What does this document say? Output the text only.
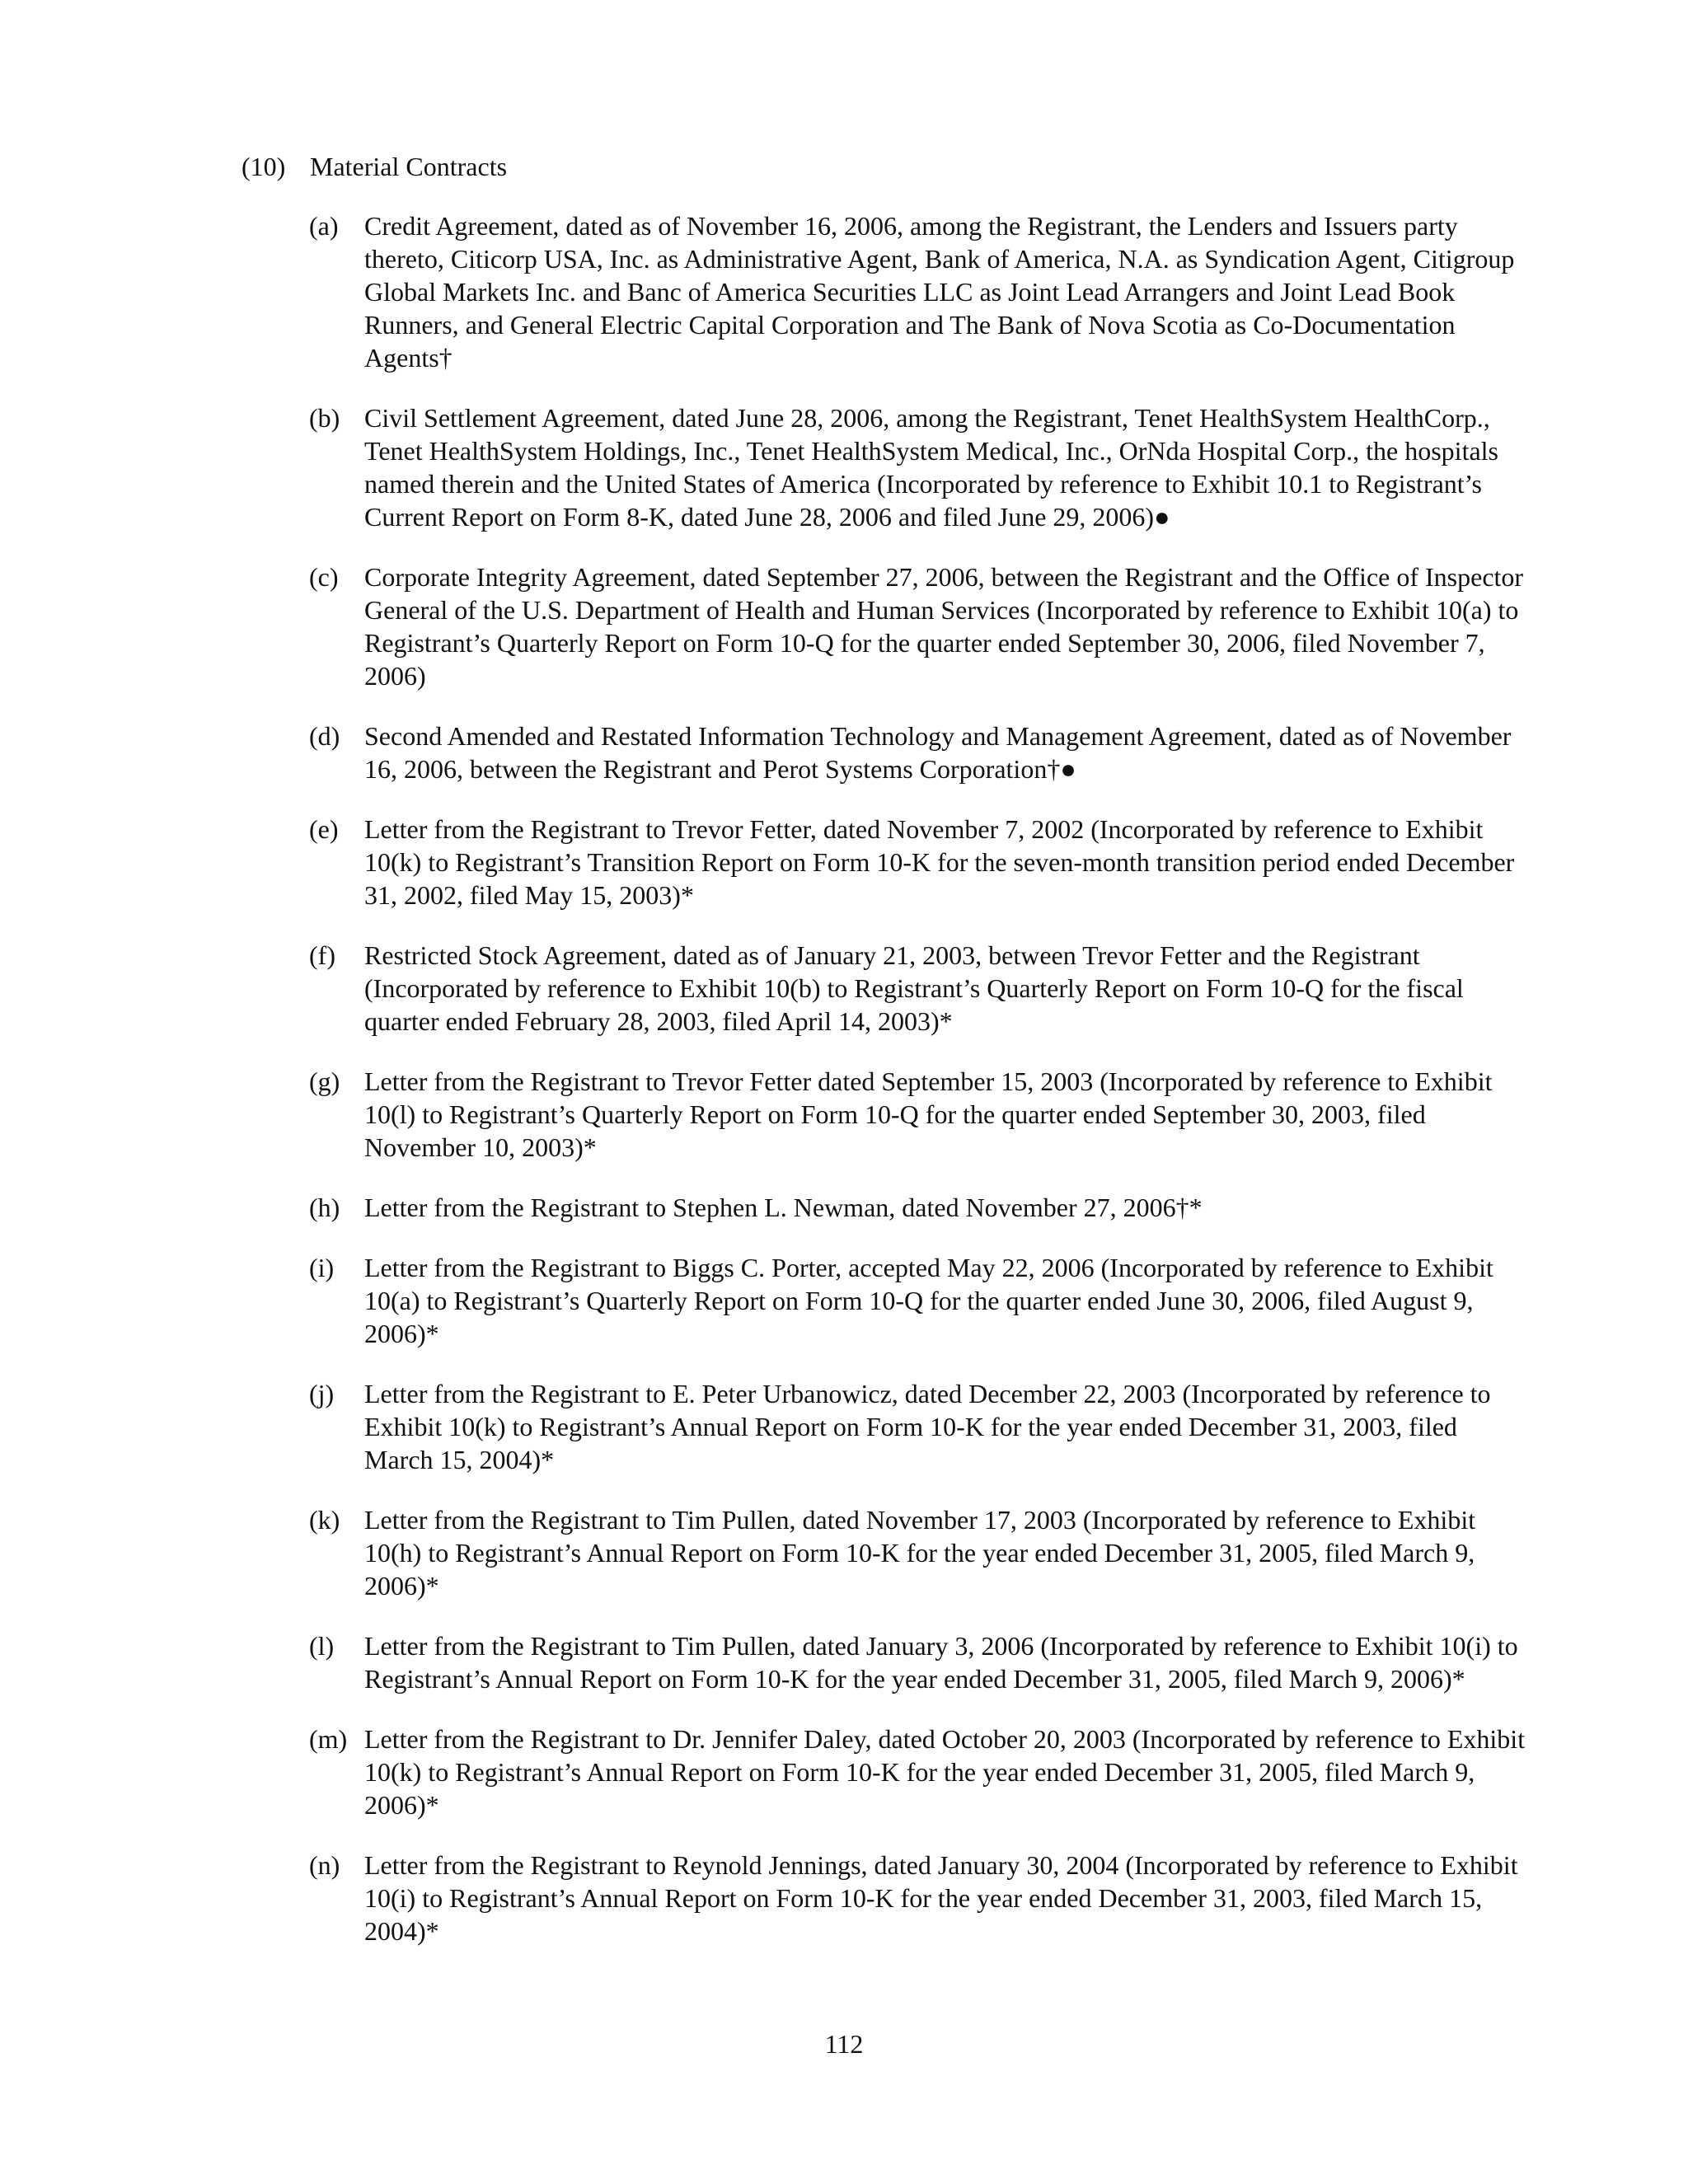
(10) Material Contracts
(a) Credit Agreement, dated as of November 16, 2006, among the Registrant, the Lenders and Issuers party thereto, Citicorp USA, Inc. as Administrative Agent, Bank of America, N.A. as Syndication Agent, Citigroup Global Markets Inc. and Banc of America Securities LLC as Joint Lead Arrangers and Joint Lead Book Runners, and General Electric Capital Corporation and The Bank of Nova Scotia as Co-Documentation Agents†
(b) Civil Settlement Agreement, dated June 28, 2006, among the Registrant, Tenet HealthSystem HealthCorp., Tenet HealthSystem Holdings, Inc., Tenet HealthSystem Medical, Inc., OrNda Hospital Corp., the hospitals named therein and the United States of America (Incorporated by reference to Exhibit 10.1 to Registrant’s Current Report on Form 8-K, dated June 28, 2006 and filed June 29, 2006)●
(c) Corporate Integrity Agreement, dated September 27, 2006, between the Registrant and the Office of Inspector General of the U.S. Department of Health and Human Services (Incorporated by reference to Exhibit 10(a) to Registrant’s Quarterly Report on Form 10-Q for the quarter ended September 30, 2006, filed November 7, 2006)
(d) Second Amended and Restated Information Technology and Management Agreement, dated as of November 16, 2006, between the Registrant and Perot Systems Corporation†●
(e) Letter from the Registrant to Trevor Fetter, dated November 7, 2002 (Incorporated by reference to Exhibit 10(k) to Registrant’s Transition Report on Form 10-K for the seven-month transition period ended December 31, 2002, filed May 15, 2003)*
(f)	Restricted Stock Agreement, dated as of January 21, 2003, between Trevor Fetter and the Registrant (Incorporated by reference to Exhibit 10(b) to Registrant’s Quarterly Report on Form 10-Q for the fiscal quarter ended February 28, 2003, filed April 14, 2003)*
(g) Letter from the Registrant to Trevor Fetter dated September 15, 2003 (Incorporated by reference to Exhibit 10(l) to Registrant’s Quarterly Report on Form 10-Q for the quarter ended September 30, 2003, filed November 10, 2003)*
(h) Letter from the Registrant to Stephen L. Newman, dated November 27, 2006†*
(i)	Letter from the Registrant to Biggs C. Porter, accepted May 22, 2006 (Incorporated by reference to Exhibit 10(a) to Registrant’s Quarterly Report on Form 10-Q for the quarter ended June 30, 2006, filed August 9, 2006)*
(j)	Letter from the Registrant to E. Peter Urbanowicz, dated December 22, 2003 (Incorporated by reference to Exhibit 10(k) to Registrant’s Annual Report on Form 10-K for the year ended December 31, 2003, filed March 15, 2004)*
(k) Letter from the Registrant to Tim Pullen, dated November 17, 2003 (Incorporated by reference to Exhibit 10(h) to Registrant’s Annual Report on Form 10-K for the year ended December 31, 2005, filed March 9, 2006)*
(l)	Letter from the Registrant to Tim Pullen, dated January 3, 2006 (Incorporated by reference to Exhibit 10(i) to Registrant’s Annual Report on Form 10-K for the year ended December 31, 2005, filed March 9, 2006)*
(m) Letter from the Registrant to Dr. Jennifer Daley, dated October 20, 2003 (Incorporated by reference to Exhibit 10(k) to Registrant’s Annual Report on Form 10-K for the year ended December 31, 2005, filed March 9, 2006)*
(n) Letter from the Registrant to Reynold Jennings, dated January 30, 2004 (Incorporated by reference to Exhibit 10(i) to Registrant’s Annual Report on Form 10-K for the year ended December 31, 2003, filed March 15, 2004)*
112
